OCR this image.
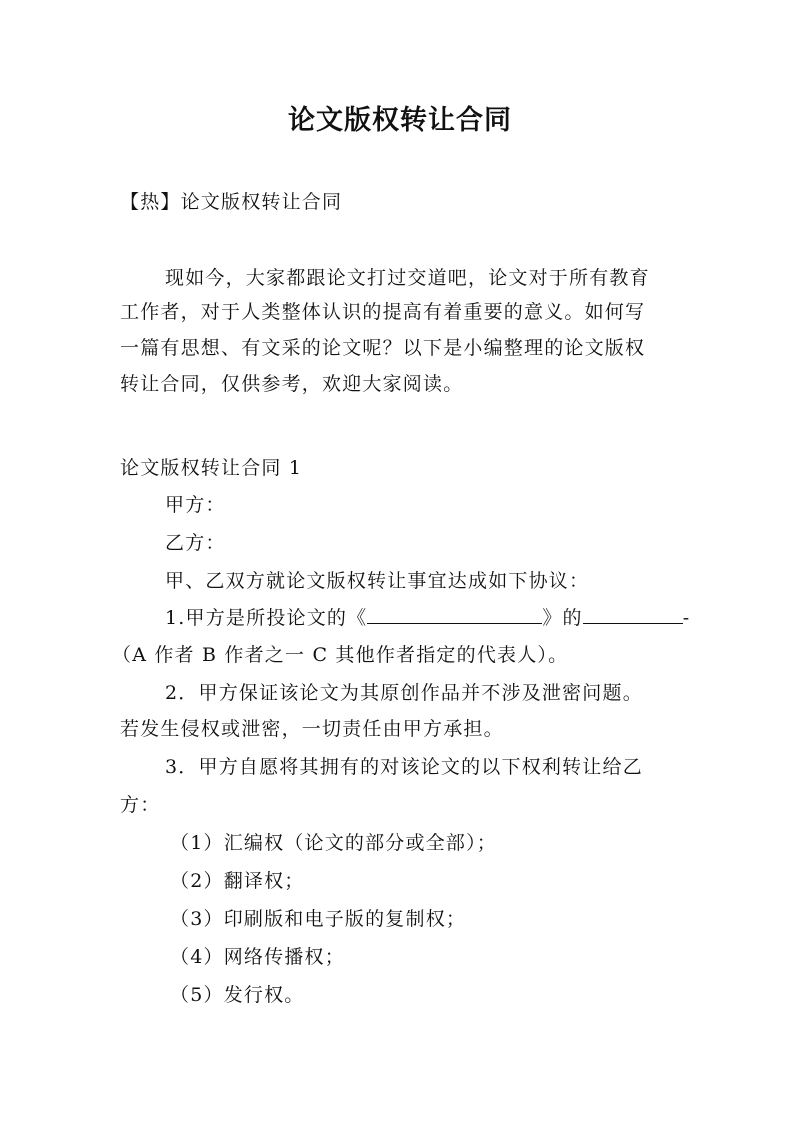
论文版权转让合同
【热】论文版权转让合同
现如今，大家都跟论文打过交道吧，论文对于所有教育
工作者，对于人类整体认识的提高有着重要的意义。如何写
一篇有思想、有文采的论文呢？以下是小编整理的论文版权
转让合同，仅供参考，欢迎大家阅读。
论文版权转让合同 1
甲方：
乙方：
甲、乙双方就论文版权转让事宜达成如下协议：
1.甲方是所投论文的《	》的	-
（A 作者 B 作者之一 C 其他作者指定的代表人）。
2．甲方保证该论文为其原创作品并不涉及泄密问题。
若发生侵权或泄密，一切责任由甲方承担。
3．甲方自愿将其拥有的对该论文的以下权利转让给乙
方：
（1）汇编权（论文的部分或全部）；
（2）翻译权；
（3）印刷版和电子版的复制权；
（4）网络传播权；
（5）发行权。
